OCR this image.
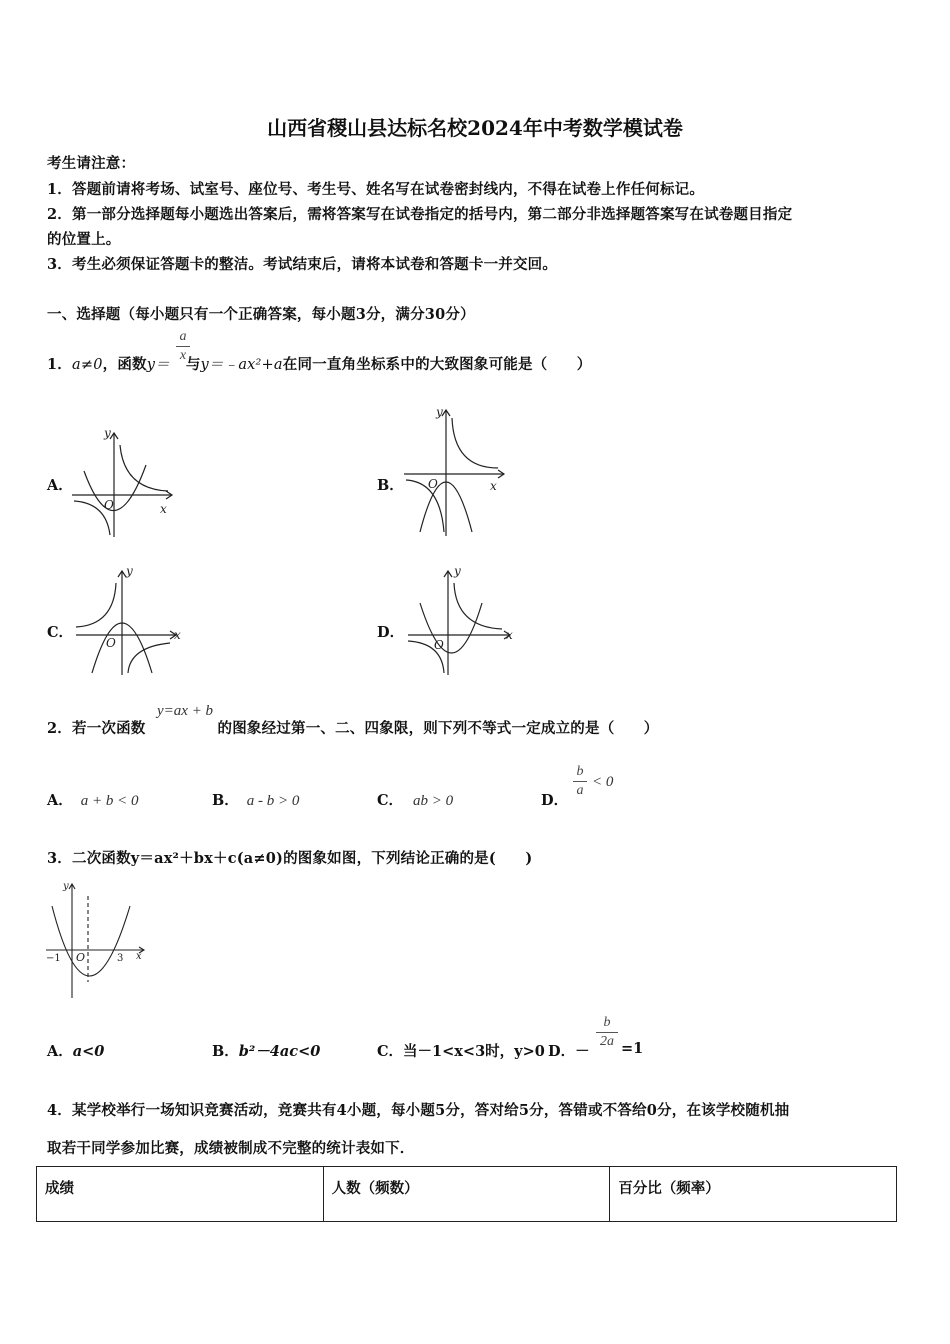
山西省稷山县达标名校2024年中考数学模试卷
考生请注意：
1．答题前请将考场、试室号、座位号、考生号、姓名写在试卷密封线内，不得在试卷上作任何标记。
2．第一部分选择题每小题选出答案后，需将答案写在试卷指定的括号内，第二部分非选择题答案写在试卷题目指定
的位置上。
3．考生必须保证答题卡的整洁。考试结束后，请将本试卷和答题卡一并交回。
一、选择题（每小题只有一个正确答案，每小题3分，满分30分）
1．a≠0，函数y＝ 与y＝﹣ax²+a在同一直角坐标系中的大致图象可能是（　　）
a
x
A．	B．
C．	D．
y
x
O
y
x
O
y
x
O
y
x
O
2．若一次函数	的图象经过第一、二、四象限，则下列不等式一定成立的是（　　）
y=ax + b
A． a + b < 0	B． a - b > 0	C． ab > 0	D．
b
a
< 0
3．二次函数y＝ax²＋bx＋c(a≠0)的图象如图，下列结论正确的是(　　)
y
x
O
−1	3
A．a<0	B．b²－4ac<0	C．当－1<x<3时，y>0 D．－
b
2a =1
4．某学校举行一场知识竞赛活动，竞赛共有4小题，每小题5分，答对给5分，答错或不答给0分，在该学校随机抽
取若干同学参加比赛，成绩被制成不完整的统计表如下．
成绩	人数（频数）	百分比（频率）
